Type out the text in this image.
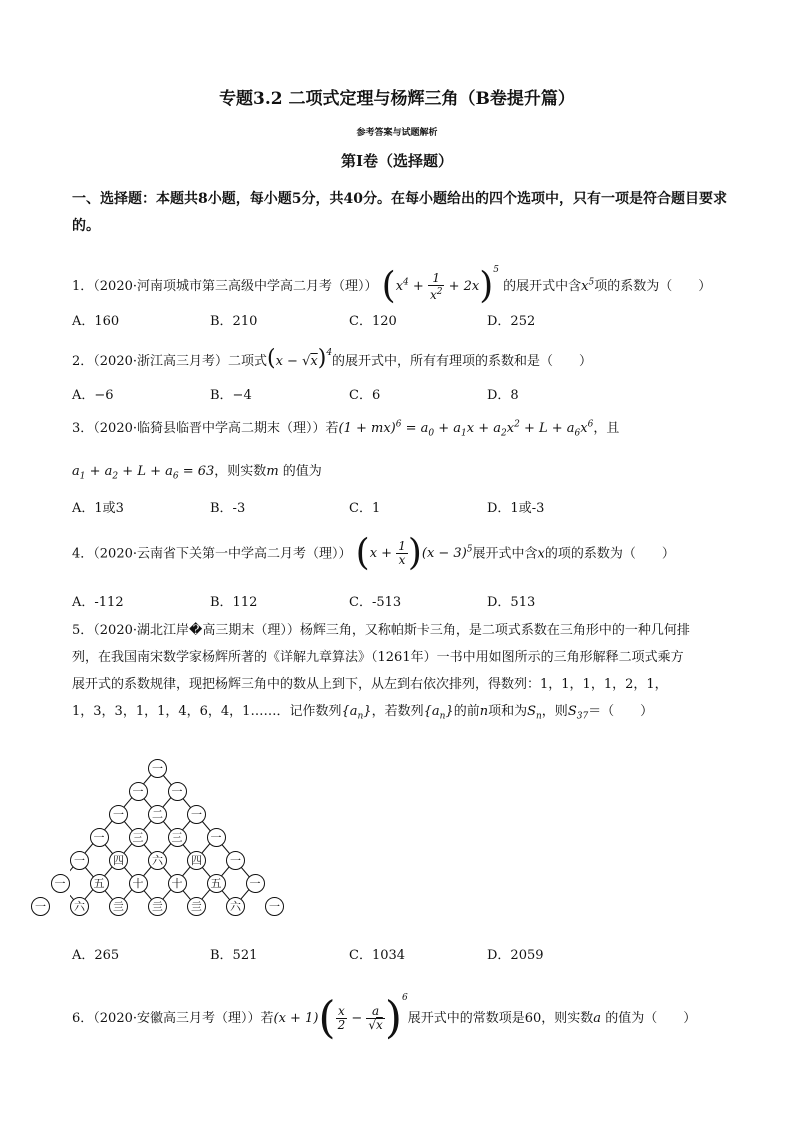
专题3.2 二项式定理与杨辉三角（B卷提升篇）
参考答案与试题解析
第Ⅰ卷（选择题）
一、选择题：本题共8小题，每小题5分，共40分。在每小题给出的四个选项中，只有一项是符合题目要求的。
1．（2020·河南项城市第三高级中学高二月考（理）） $(x^4 + \frac{1}{x^2} + 2x)^5$ 的展开式中含$x^5$项的系数为（　　）
A．160	B．210	C．120	D．252
2．（2020·浙江高三月考）二项式$(x - √x)^4$的展开式中，所有有理项的系数和是（　　）
A．−6	B．−4	C．6	D．8
3．（2020·临猗县临晋中学高二期末（理））若$(1 + mx)^6 = a_0 + a_1x + a_2x^2 + L + a_6x^6$，且
$a_1 + a_2 + L + a_6 = 63$，则实数m 的值为
A．1或3	B．-3	C．1	D．1或-3
4．（2020·云南省下关第一中学高二月考（理）） $(x + \frac{1}{x} )(x - 3)^5$展开式中含x的项的系数为（　　）
A．-112	B．112	C．-513	D．513
5．（2020·湖北江岸�高三期末（理））杨辉三角，又称帕斯卡三角，是二项式系数在三角形中的一种几何排
列，在我国南宋数学家杨辉所著的《详解九章算法》（1261年）一书中用如图所示的三角形解释二项式乘方
展开式的系数规律，现把杨辉三角中的数从上到下，从左到右依次排列，得数列：1，1，1，1，2，1，
1，3，3，1，1，4，6，4，1……．记作数列$\{a_n\}$，若数列$\{a_n\}$的前n项和为$S_n$，则$S_{37}=$（　　）
一
一	一
一	二	一
一	三	三	一
一	四	六	四	一
一	五	十	十	五	一
一	六	亖	亖	亖	六	一
A．265	B．521	C．1034	D．2059
6．（2020·安徽高三月考（理））若$(x + 1)( \frac{x}{2} - \frac{a}{√x} )^6$展开式中的常数项是60，则实数a 的值为（　　）
